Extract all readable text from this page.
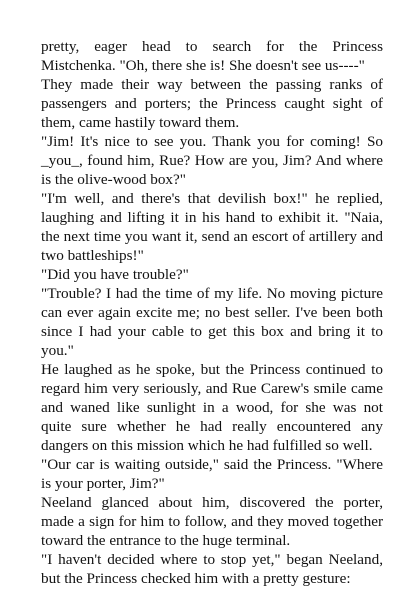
pretty, eager head to search for the Princess Mistchenka. "Oh, there she is! She doesn't see us----"

They made their way between the passing ranks of passengers and porters; the Princess caught sight of them, came hastily toward them.

"Jim! It's nice to see you. Thank you for coming! So _you_, found him, Rue? How are you, Jim? And where is the olive-wood box?"

"I'm well, and there's that devilish box!" he replied, laughing and lifting it in his hand to exhibit it. "Naia, the next time you want it, send an escort of artillery and two battleships!"

"Did you have trouble?"

"Trouble? I had the time of my life. No moving picture can ever again excite me; no best seller. I've been both since I had your cable to get this box and bring it to you."

He laughed as he spoke, but the Princess continued to regard him very seriously, and Rue Carew's smile came and waned like sunlight in a wood, for she was not quite sure whether he had really encountered any dangers on this mission which he had fulfilled so well.

"Our car is waiting outside," said the Princess. "Where is your porter, Jim?"

Neeland glanced about him, discovered the porter, made a sign for him to follow, and they moved together toward the entrance to the huge terminal.

"I haven't decided where to stop yet," began Neeland, but the Princess checked him with a pretty gesture:
